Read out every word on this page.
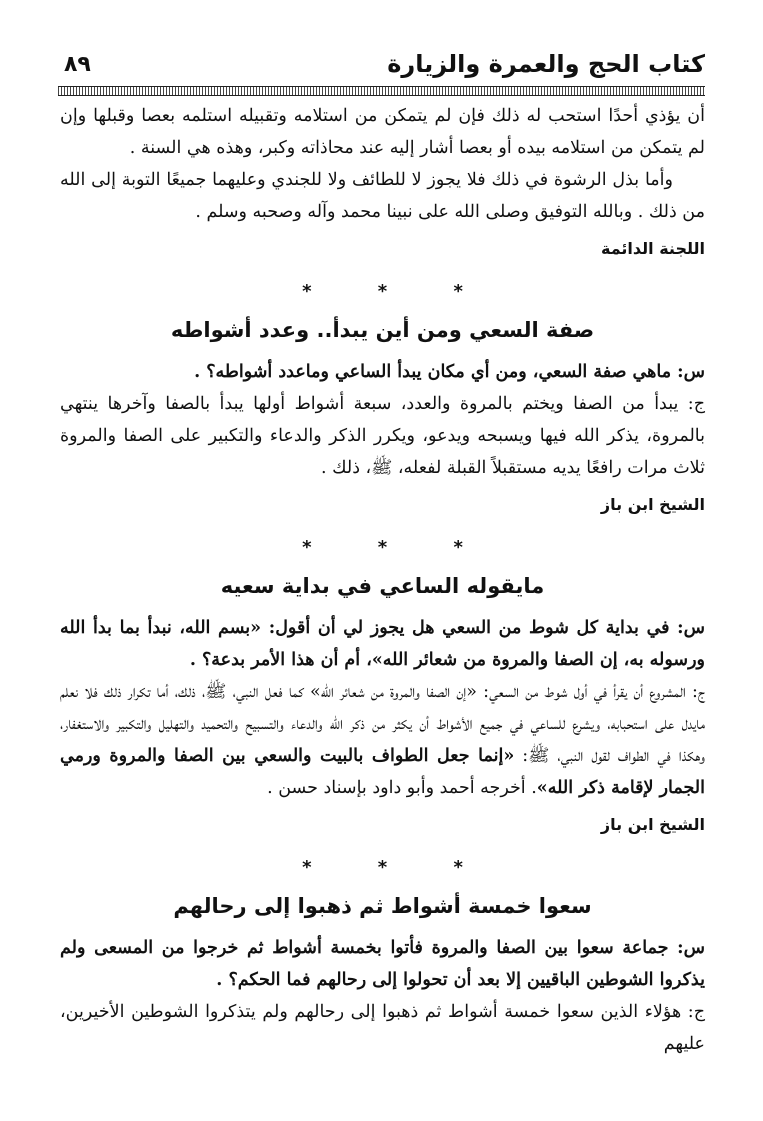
كتاب الحج والعمرة والزيارة
٨٩

أن يؤذي أحدًا استحب له ذلك فإن لم يتمكن من استلامه وتقبيله استلمه بعصا وقبلها وإن لم يتمكن من استلامه بيده أو بعصا أشار إليه عند محاذاته وكبر، وهذه هي السنة .

وأما بذل الرشوة في ذلك فلا يجوز لا للطائف ولا للجندي وعليهما جميعًا التوبة إلى الله من ذلك . وبالله التوفيق وصلى الله على نبينا محمد وآله وصحبه وسلم .

اللجنة الدائمة
* * *
صفة السعي ومن أين يبدأ.. وعدد أشواطه

س: ماهي صفة السعي، ومن أي مكان يبدأ الساعي وماعدد أشواطه؟ .

ج: يبدأ من الصفا ويختم بالمروة والعدد، سبعة أشواط أولها يبدأ بالصفا وآخرها ينتهي بالمروة، يذكر الله فيها ويسبحه ويدعو، ويكرر الذكر والدعاء والتكبير على الصفا والمروة ثلاث مرات رافعًا يديه مستقبلاً القبلة لفعله، ﷺ، ذلك .

الشيخ ابن باز
* * *
مايقوله الساعي في بداية سعيه

س: في بداية كل شوط من السعي هل يجوز لي أن أقول: «بسم الله، نبدأ بما بدأ الله ورسوله به، إن الصفا والمروة من شعائر الله»، أم أن هذا الأمر بدعة؟ .

ج: المشروع أن يقرأ في أول شوط من السعي: «إن الصفا والمروة من شعائر الله» كما فعل النبي، ﷺ، ذلك، أما تكرار ذلك فلا نعلم مايدل على استحبابه، ويشرع للساعي في جميع الأشواط أن يكثر من ذكر الله والدعاء والتسبيح والتحميد والتهليل والتكبير والاستغفار، وهكذا في الطواف لقول النبي، ﷺ: «إنما جعل الطواف بالبيت والسعي بين الصفا والمروة ورمي الجمار لإقامة ذكر الله». أخرجه أحمد وأبو داود بإسناد حسن .

الشيخ ابن باز
* * *
سعوا خمسة أشواط ثم ذهبوا إلى رحالهم

س: جماعة سعوا بين الصفا والمروة فأتوا بخمسة أشواط ثم خرجوا من المسعى ولم يذكروا الشوطين الباقيين إلا بعد أن تحولوا إلى رحالهم فما الحكم؟ .

ج: هؤلاء الذين سعوا خمسة أشواط ثم ذهبوا إلى رحالهم ولم يتذكروا الشوطين الأخيرين، عليهم
